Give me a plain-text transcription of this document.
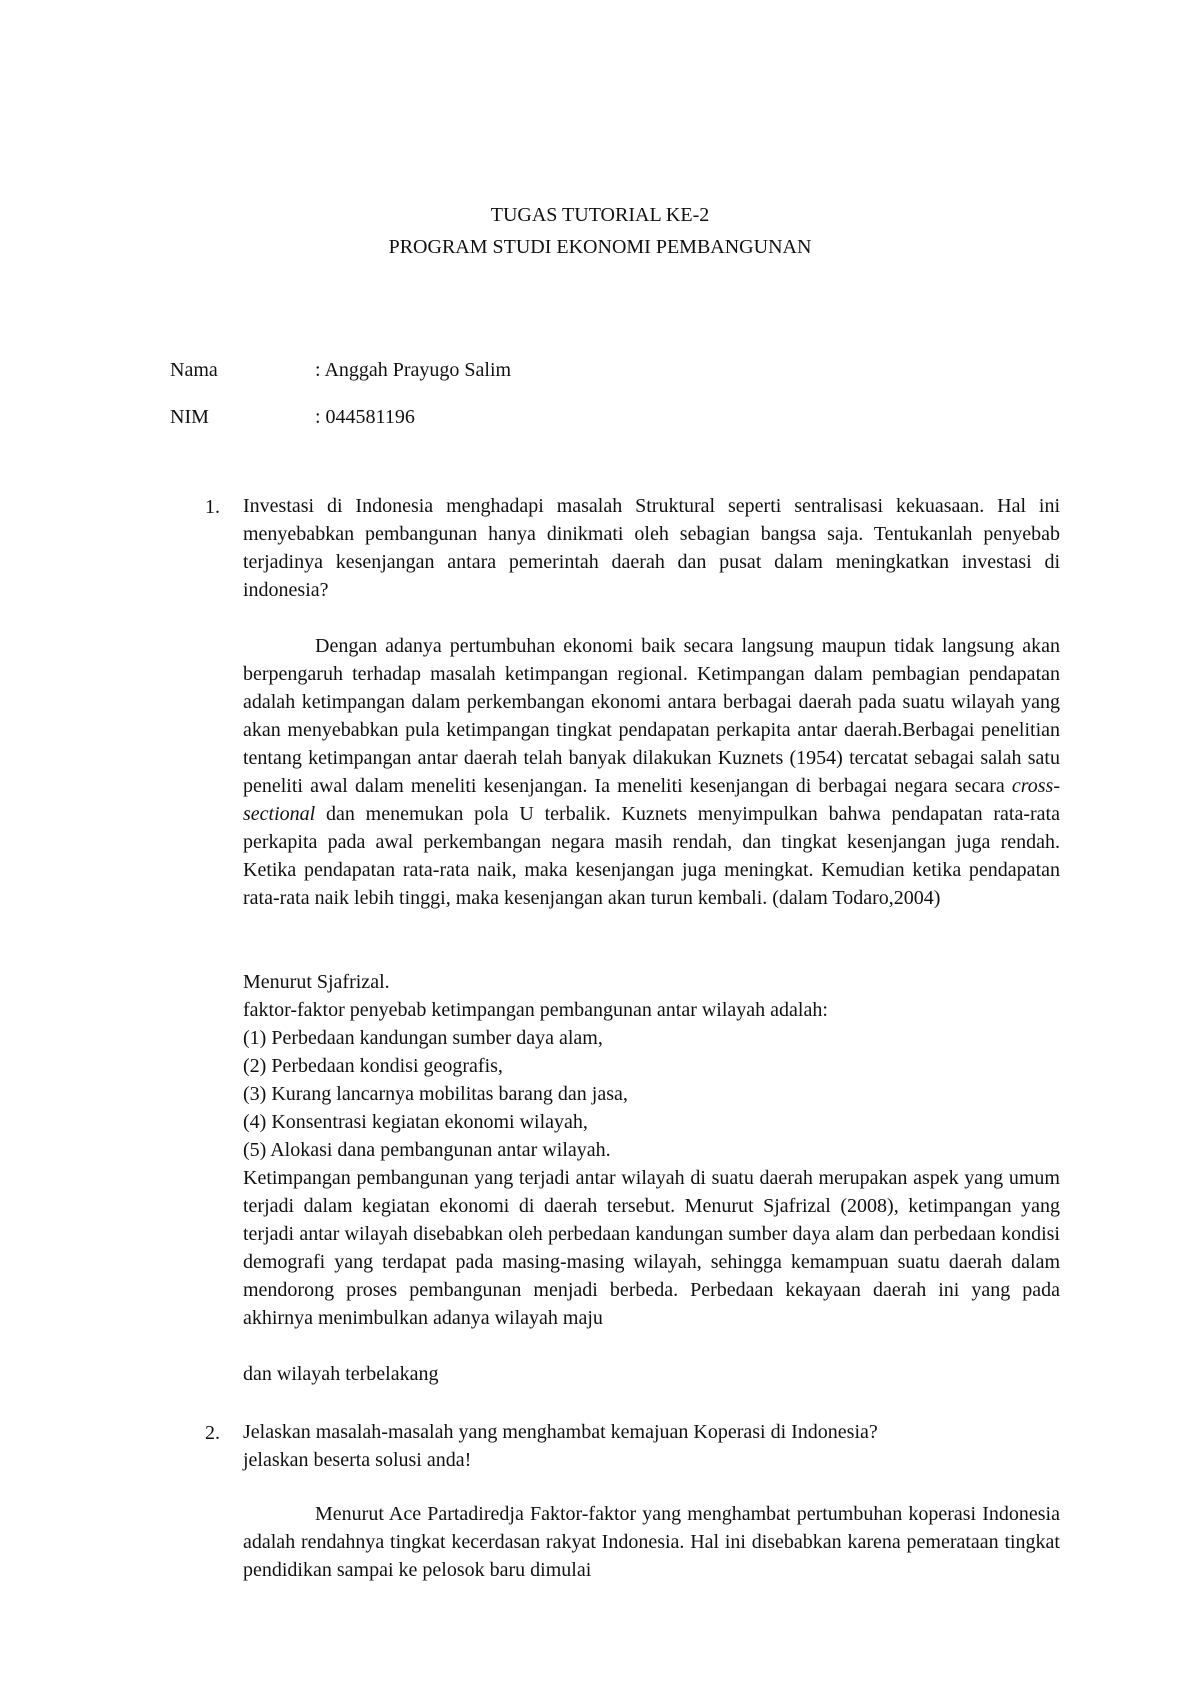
TUGAS TUTORIAL KE-2
PROGRAM STUDI EKONOMI PEMBANGUNAN
Nama	: Anggah Prayugo Salim
NIM	: 044581196
1. Investasi di Indonesia menghadapi masalah Struktural seperti sentralisasi kekuasaan. Hal ini menyebabkan pembangunan hanya dinikmati oleh sebagian bangsa saja. Tentukanlah penyebab terjadinya kesenjangan antara pemerintah daerah dan pusat dalam meningkatkan investasi di indonesia?
Dengan adanya pertumbuhan ekonomi baik secara langsung maupun tidak langsung akan berpengaruh terhadap masalah ketimpangan regional. Ketimpangan dalam pembagian pendapatan adalah ketimpangan dalam perkembangan ekonomi antara berbagai daerah pada suatu wilayah yang akan menyebabkan pula ketimpangan tingkat pendapatan perkapita antar daerah.Berbagai penelitian tentang ketimpangan antar daerah telah banyak dilakukan Kuznets (1954) tercatat sebagai salah satu peneliti awal dalam meneliti kesenjangan. Ia meneliti kesenjangan di berbagai negara secara cross-sectional dan menemukan pola U terbalik. Kuznets menyimpulkan bahwa pendapatan rata-rata perkapita pada awal perkembangan negara masih rendah, dan tingkat kesenjangan juga rendah. Ketika pendapatan rata-rata naik, maka kesenjangan juga meningkat. Kemudian ketika pendapatan rata-rata naik lebih tinggi, maka kesenjangan akan turun kembali. (dalam Todaro,2004)
Menurut Sjafrizal.
faktor-faktor penyebab ketimpangan pembangunan antar wilayah adalah:
(1) Perbedaan kandungan sumber daya alam,
(2) Perbedaan kondisi geografis,
(3) Kurang lancarnya mobilitas barang dan jasa,
(4) Konsentrasi kegiatan ekonomi wilayah,
(5) Alokasi dana pembangunan antar wilayah.
Ketimpangan pembangunan yang terjadi antar wilayah di suatu daerah merupakan aspek yang umum terjadi dalam kegiatan ekonomi di daerah tersebut. Menurut Sjafrizal (2008), ketimpangan yang terjadi antar wilayah disebabkan oleh perbedaan kandungan sumber daya alam dan perbedaan kondisi demografi yang terdapat pada masing-masing wilayah, sehingga kemampuan suatu daerah dalam mendorong proses pembangunan menjadi berbeda. Perbedaan kekayaan daerah ini yang pada akhirnya menimbulkan adanya wilayah maju
dan wilayah terbelakang
2. Jelaskan masalah-masalah yang menghambat kemajuan Koperasi di Indonesia?
jelaskan beserta solusi anda!
Menurut Ace Partadiredja Faktor-faktor yang menghambat pertumbuhan koperasi Indonesia adalah rendahnya tingkat kecerdasan rakyat Indonesia. Hal ini disebabkan karena pemerataan tingkat pendidikan sampai ke pelosok baru dimulai
